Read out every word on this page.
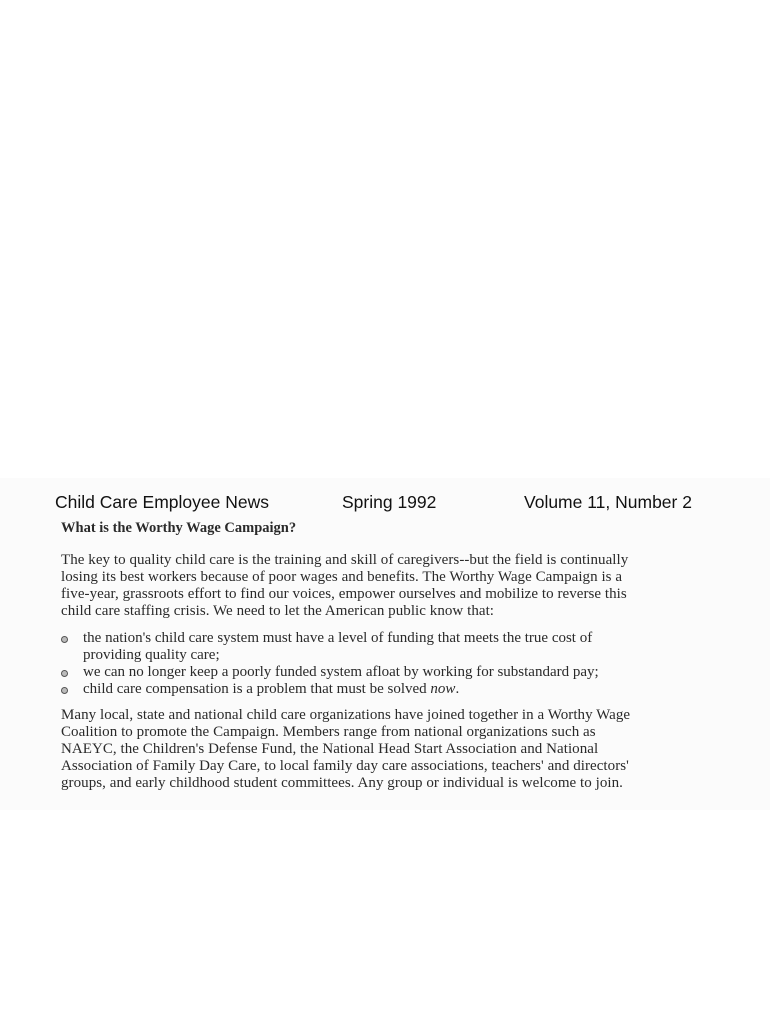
Child Care Employee News	Spring 1992	Volume 11, Number 2
What is the Worthy Wage Campaign?

The key to quality child care is the training and skill of caregivers--but the field is continually
losing its best workers because of poor wages and benefits. The Worthy Wage Campaign is a
five-year, grassroots effort to find our voices, empower ourselves and mobilize to reverse this
child care staffing crisis. We need to let the American public know that:

the nation's child care system must have a level of funding that meets the true cost of
providing quality care;
we can no longer keep a poorly funded system afloat by working for substandard pay;
child care compensation is a problem that must be solved now.

Many local, state and national child care organizations have joined together in a Worthy Wage
Coalition to promote the Campaign. Members range from national organizations such as
NAEYC, the Children's Defense Fund, the National Head Start Association and National
Association of Family Day Care, to local family day care associations, teachers' and directors'
groups, and early childhood student committees. Any group or individual is welcome to join.
